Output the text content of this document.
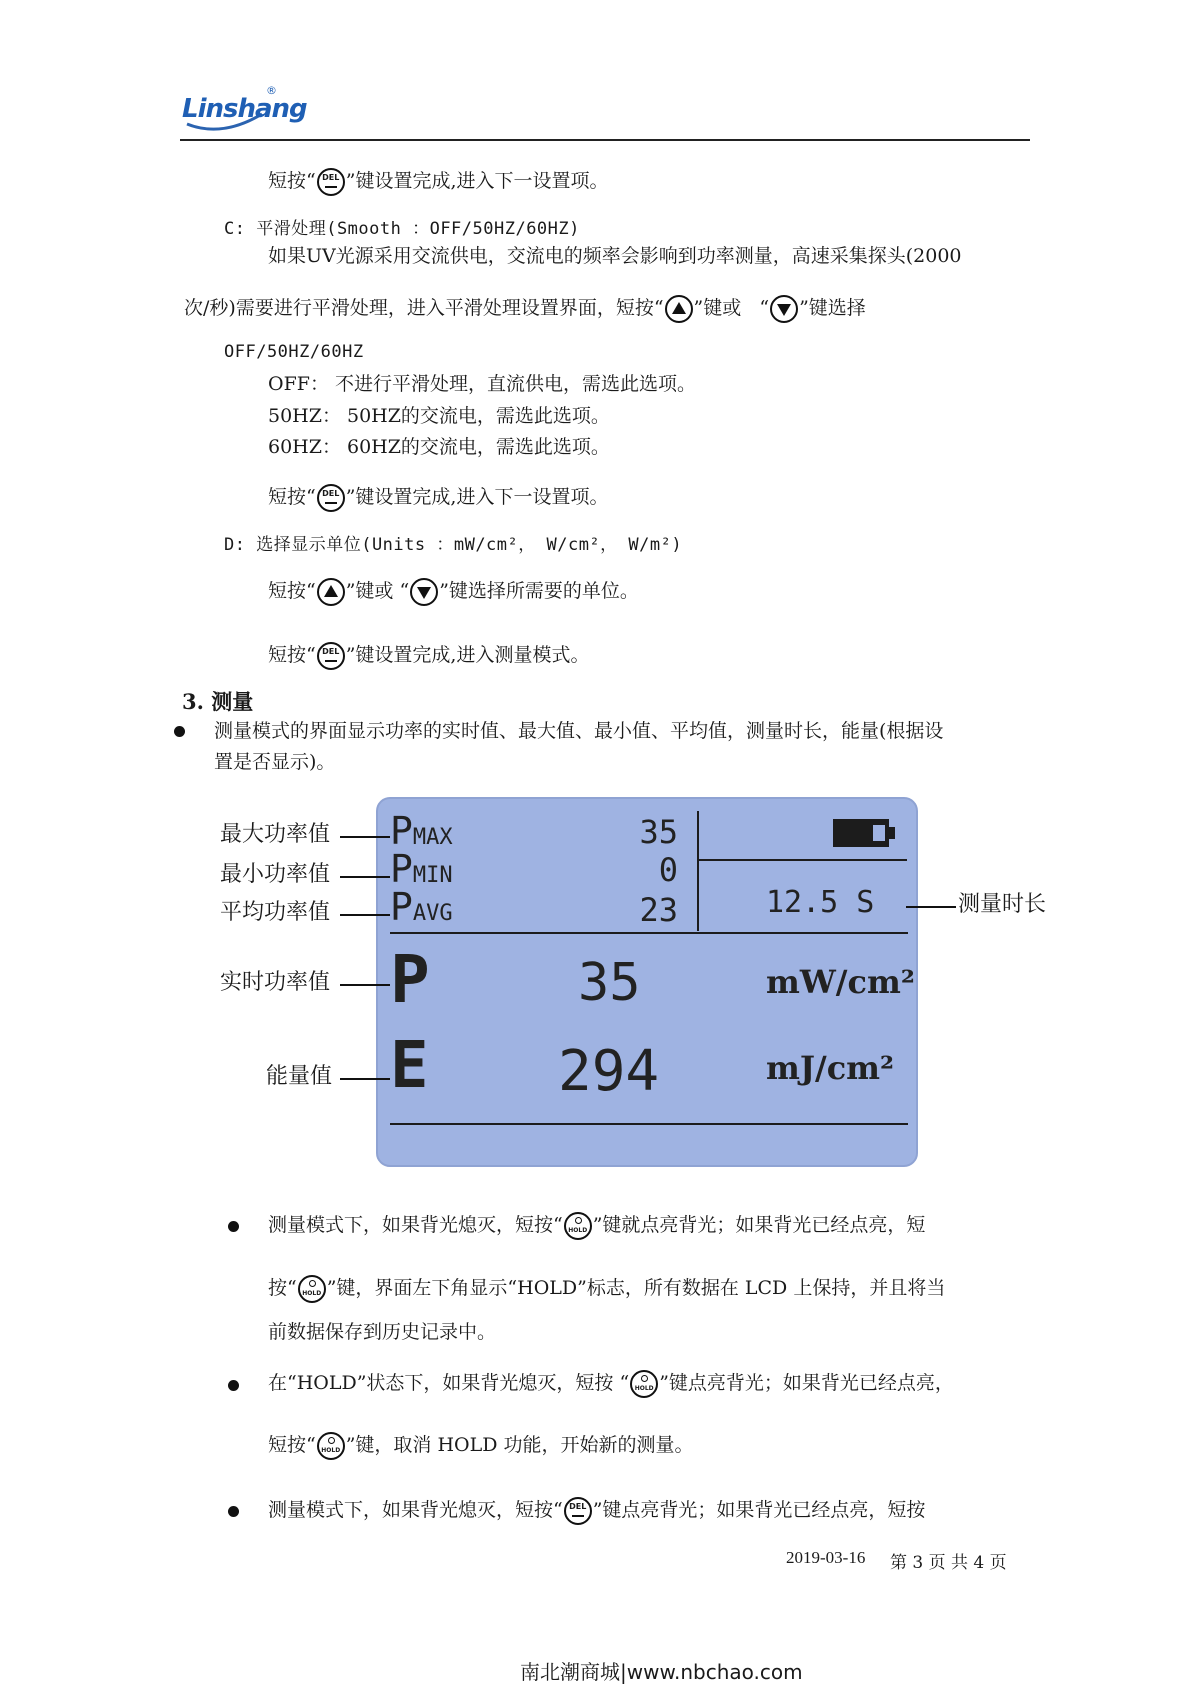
Linshang
®
短按“ DEL ”键设置完成,进入下一设置项。
C: 平滑处理(Smooth ：OFF/50HZ/60HZ)
如果UV光源采用交流供电，交流电的频率会影响到功率测量，高速采集探头(2000
次/秒)需要进行平滑处理，进入平滑处理设置界面，短按“ ”键或 “ ”键选择
OFF/50HZ/60HZ
OFF： 不进行平滑处理，直流供电，需选此选项。
50HZ： 50HZ的交流电，需选此选项。
60HZ： 60HZ的交流电，需选此选项。
短按“ DEL ”键设置完成,进入下一设置项。
D: 选择显示单位(Units ：mW/cm²， W/cm²， W/m²)
短按“ ”键或 “ ”键选择所需要的单位。
短按“ DEL ”键设置完成,进入测量模式。
3. 测量
测量模式的界面显示功率的实时值、最大值、最小值、平均值，测量时长，能量(根据设
置是否显示)。
PMAX	35
PMIN	0
PAVG	23	12.5 S
P	35	mW/cm²
E 294	mJ/cm²
最大功率值
最小功率值
平均功率值
实时功率值
能量值
测量时长
测量模式下，如果背光熄灭，短按“ HOLD ”键就点亮背光；如果背光已经点亮，短
按“ HOLD ”键，界面左下角显示“HOLD”标志，所有数据在 LCD 上保持，并且将当
前数据保存到历史记录中。
在“HOLD”状态下，如果背光熄灭，短按 “ HOLD ”键点亮背光；如果背光已经点亮，
短按“ HOLD ”键，取消 HOLD 功能，开始新的测量。
测量模式下，如果背光熄灭，短按“ DEL ”键点亮背光；如果背光已经点亮，短按
2019-03-16 第 3 页 共 4 页
南北潮商城|www.nbchao.com
